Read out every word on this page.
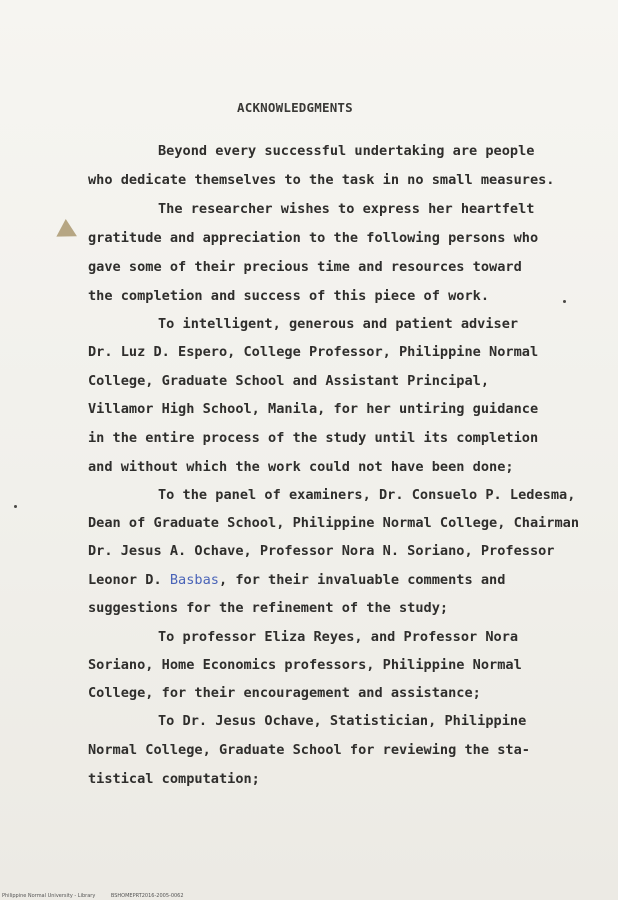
ACKNOWLEDGMENTS
Beyond every successful undertaking are people
who dedicate themselves to the task in no small measures.
The researcher wishes to express her heartfelt
gratitude and appreciation to the following persons who
gave some of their precious time and resources toward
the completion and success of this piece of work.
To intelligent, generous and patient adviser
Dr. Luz D. Espero, College Professor, Philippine Normal
College, Graduate School and Assistant Principal,
Villamor High School, Manila, for her untiring guidance
in the entire process of the study until its completion
and without which the work could not have been done;
To the panel of examiners, Dr. Consuelo P. Ledesma,
Dean of Graduate School, Philippine Normal College, Chairman
Dr. Jesus A. Ochave, Professor Nora N. Soriano, Professor
Leonor D. Basbas, for their invaluable comments and
suggestions for the refinement of the study;
To professor Eliza Reyes, and Professor Nora
Soriano, Home Economics professors, Philippine Normal
College, for their encouragement and assistance;
To Dr. Jesus Ochave, Statistician, Philippine
Normal College, Graduate School for reviewing the sta-
tistical computation;
Philippine Normal University - Library	BSHOMEPRT2016-2005-0062
